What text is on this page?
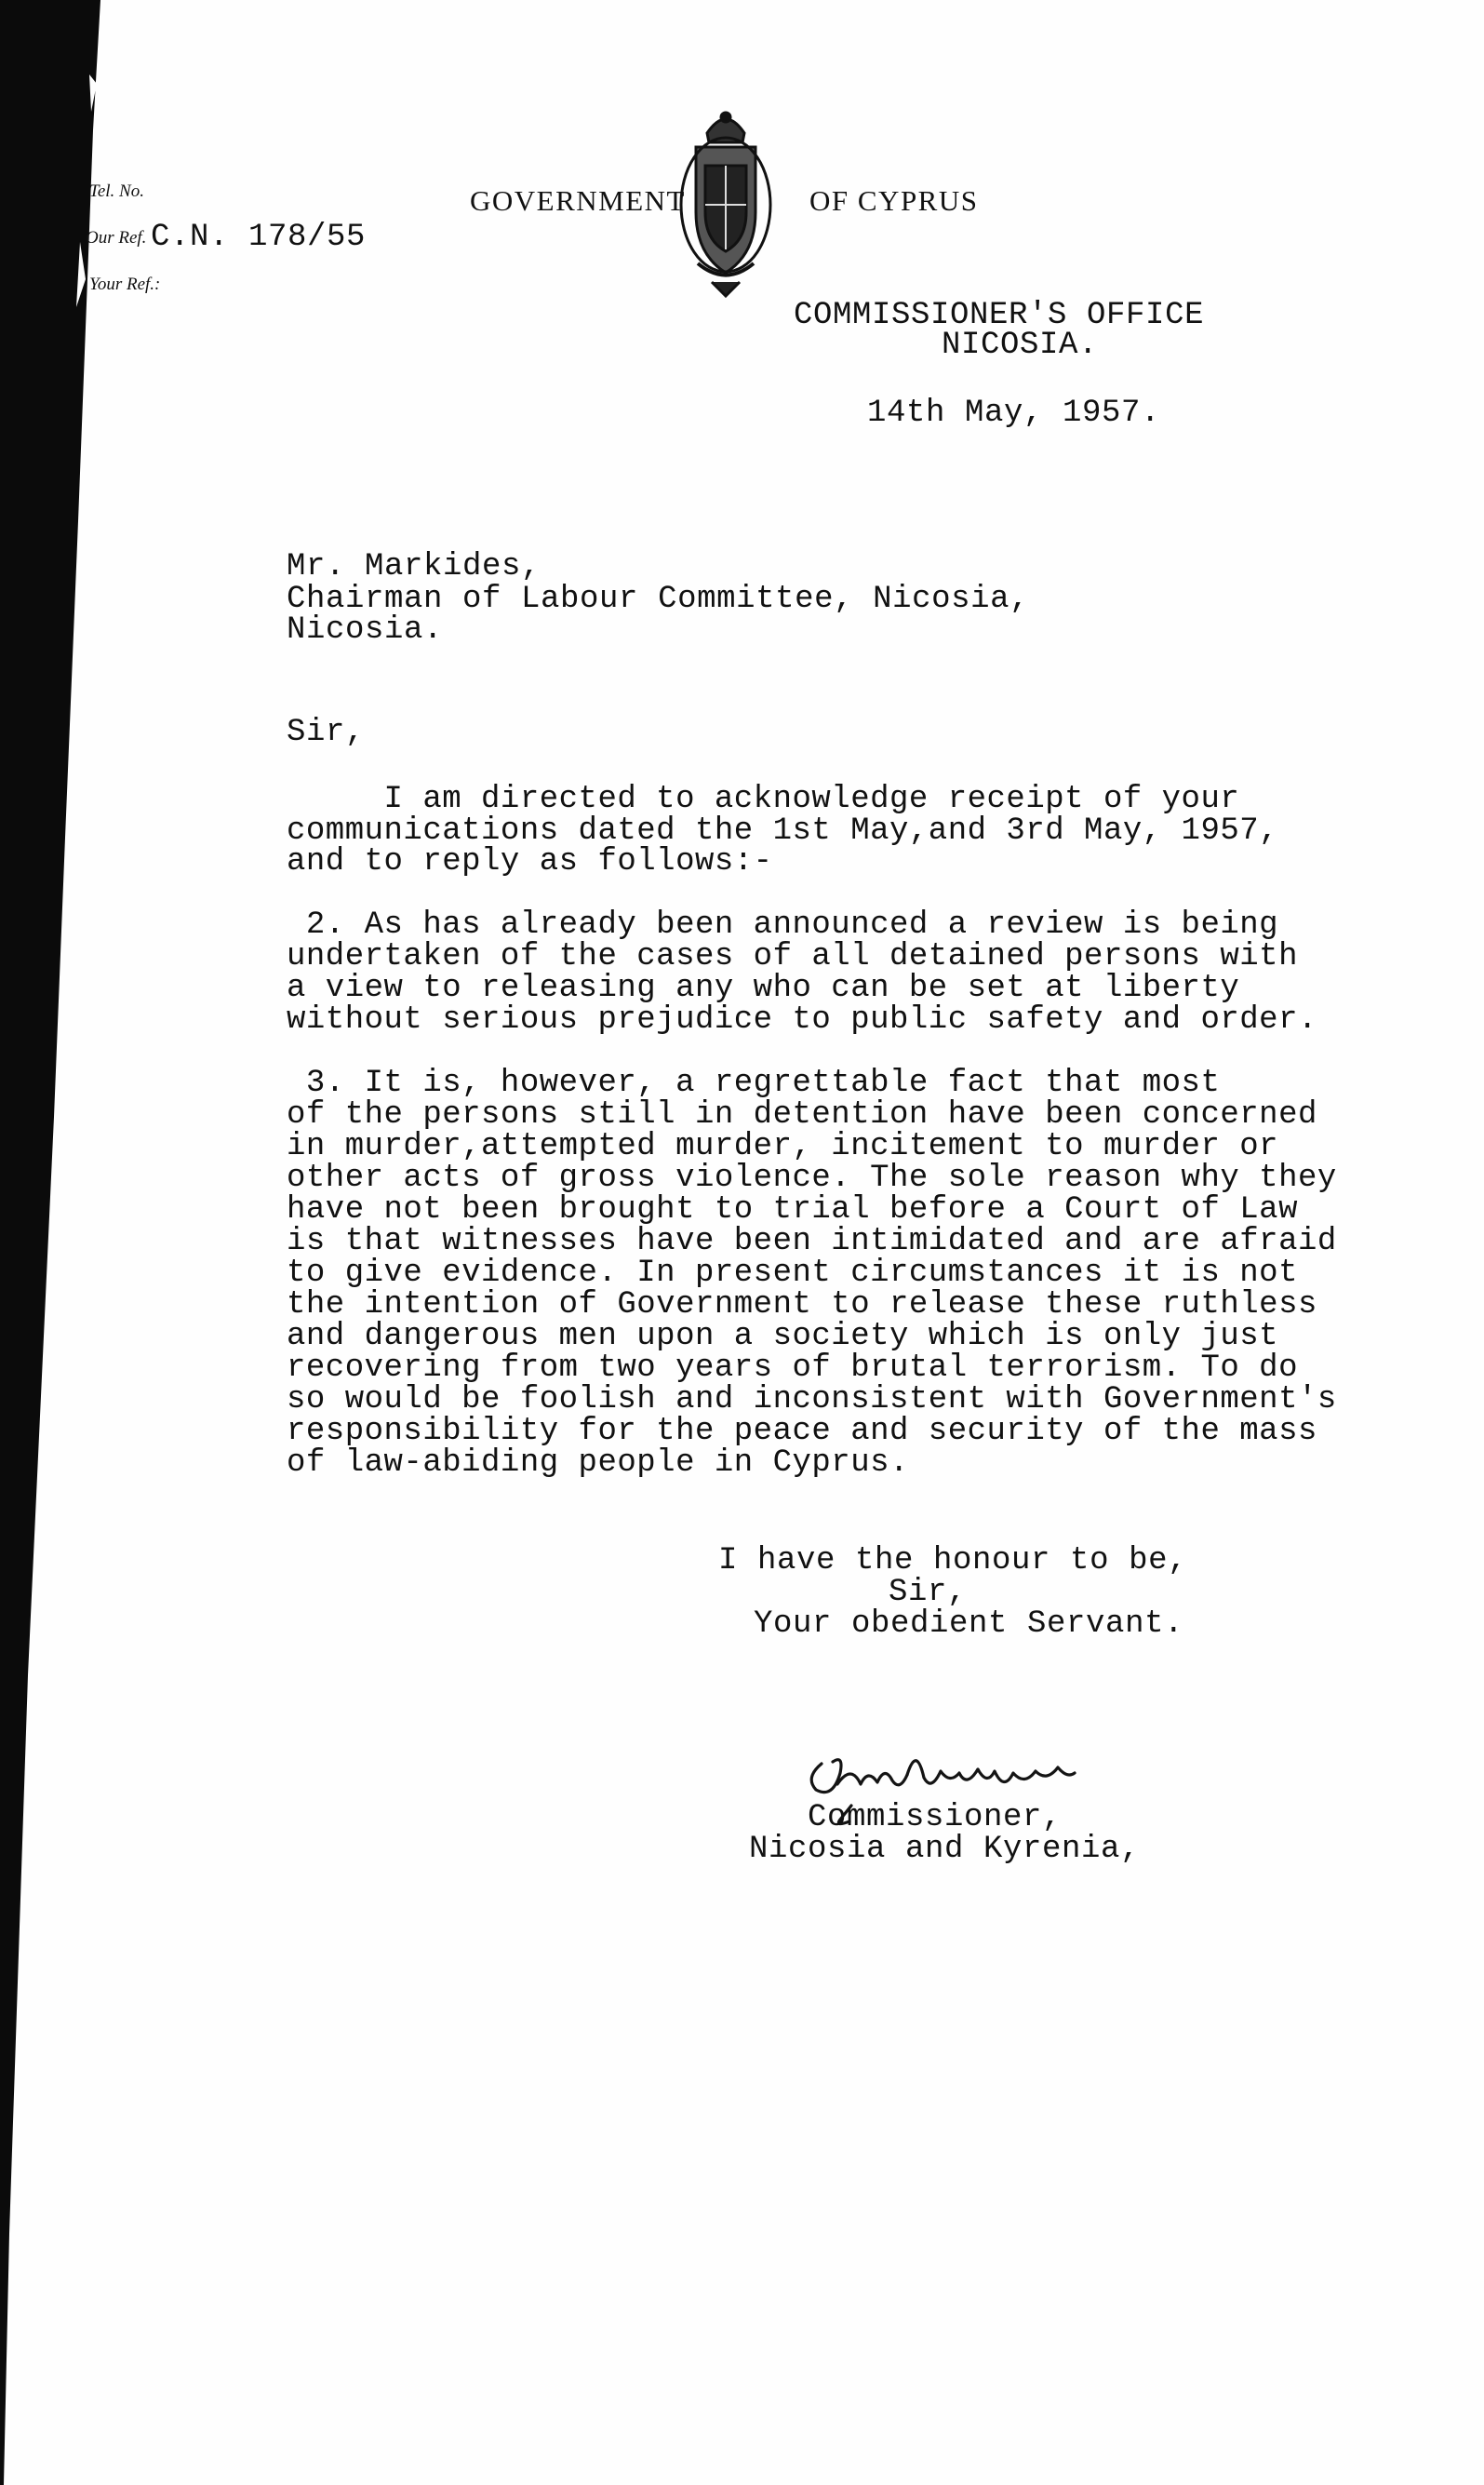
Tel. No.
Our Ref. C.N. 178/55
Your Ref.:
GOVERNMENT	OF CYPRUS
COMMISSIONER'S OFFICE
NICOSIA.
14th May, 1957.
Mr. Markides,
Chairman of Labour Committee, Nicosia,
Nicosia.
Sir,
I am directed to acknowledge receipt of your
communications dated the 1st May,and 3rd May, 1957,
and to reply as follows:-
2. As has already been announced a review is being
undertaken of the cases of all detained persons with
a view to releasing any who can be set at liberty
without serious prejudice to public safety and order.
3. It is, however, a regrettable fact that most
of the persons still in detention have been concerned
in murder,attempted murder, incitement to murder or
other acts of gross violence. The sole reason why they
have not been brought to trial before a Court of Law
is that witnesses have been intimidated and are afraid
to give evidence. In present circumstances it is not
the intention of Government to release these ruthless
and dangerous men upon a society which is only just
recovering from two years of brutal terrorism. To do
so would be foolish and inconsistent with Government's
responsibility for the peace and security of the mass
of law-abiding people in Cyprus.
I have the honour to be,
Sir,
Your obedient Servant.
Commissioner,
Nicosia and Kyrenia,
